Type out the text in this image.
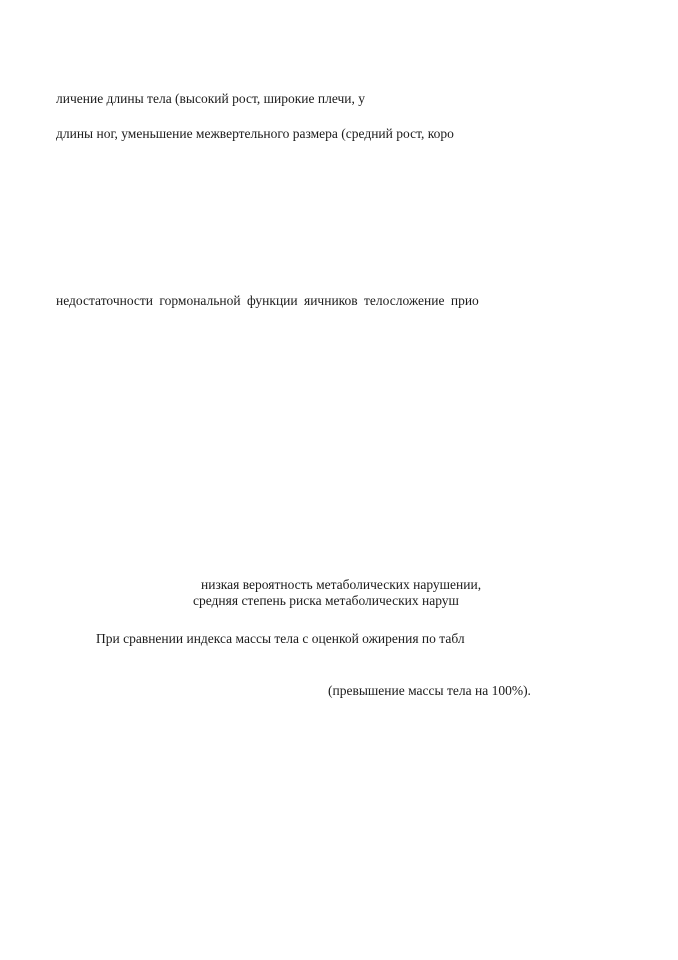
личение длины тела (высокий рост, широкие плечи, у
длины ног, уменьшение межвертельного размера (средний рост, коро
недостаточности гормональной функции яичников телосложение прио
низкая вероятность метаболических нарушении,
средняя степень риска метаболических наруш
При сравнении индекса массы тела с оценкой ожирения по табл
(превышение массы тела на 100%).
